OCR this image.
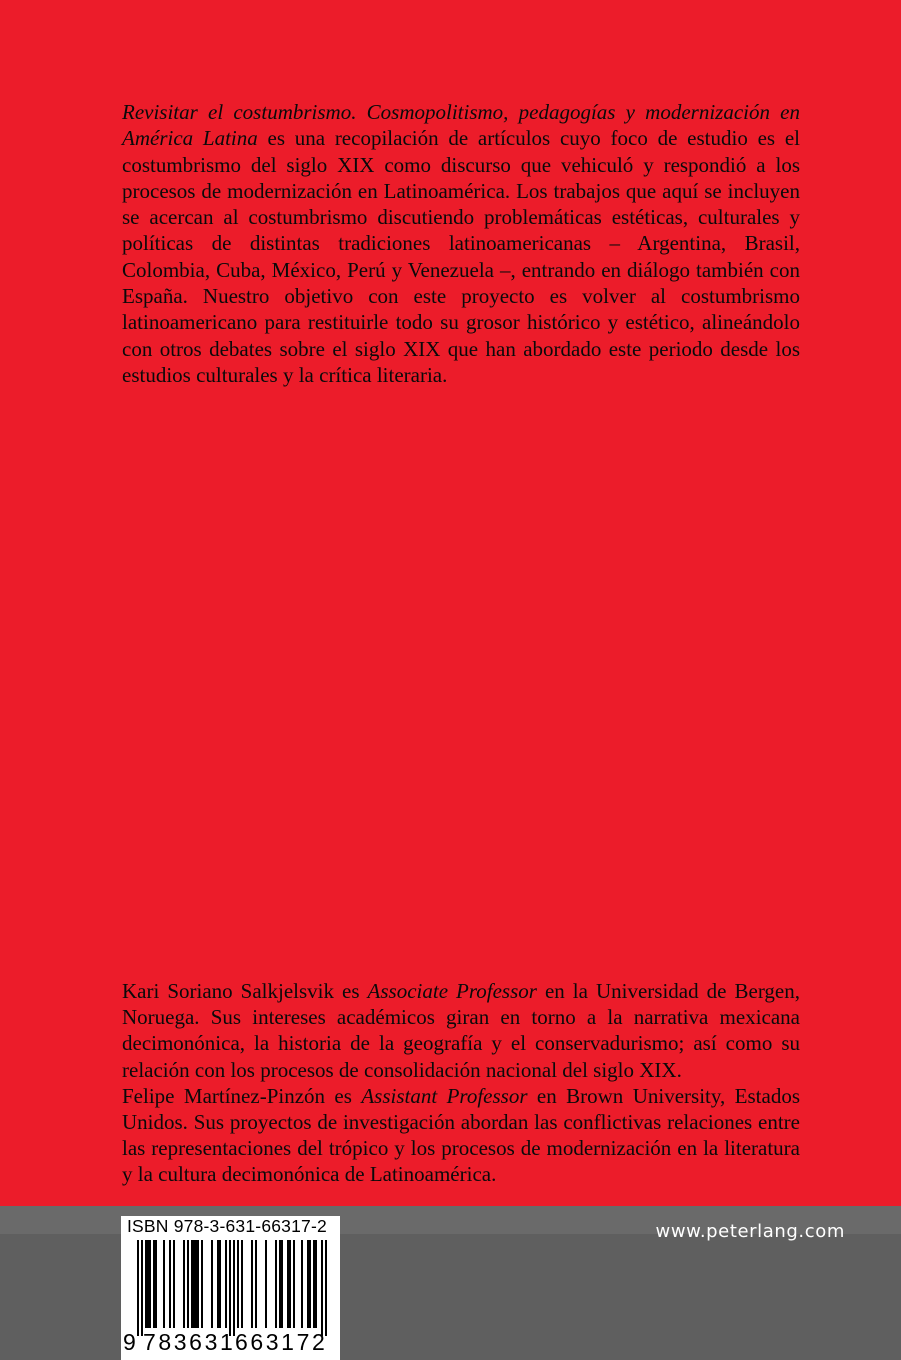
Revisitar el costumbrismo. Cosmopolitismo, pedagogías y modernización en América Latina es una recopilación de artículos cuyo foco de estudio es el costumbrismo del siglo XIX como discurso que vehiculó y respondió a los procesos de modernización en Latinoamérica. Los trabajos que aquí se incluyen se acercan al costumbrismo discutiendo problemáticas estéticas, culturales y políticas de distintas tradiciones latinoamericanas – Argentina, Brasil, Colombia, Cuba, México, Perú y Venezuela –, entrando en diálogo también con España. Nuestro objetivo con este proyecto es volver al costumbrismo latinoamericano para restituirle todo su grosor histórico y estético, alineándolo con otros debates sobre el siglo XIX que han abordado este periodo desde los estudios culturales y la crítica literaria.

Kari Soriano Salkjelsvik es Associate Professor en la Universidad de Bergen, Noruega. Sus intereses académicos giran en torno a la narrativa mexicana decimonónica, la historia de la geografía y el conservadurismo; así como su relación con los procesos de consolidación nacional del siglo XIX.

Felipe Martínez-Pinzón es Assistant Professor en Brown University, Estados Unidos. Sus proyectos de investigación abordan las conflictivas relaciones entre las representaciones del trópico y los procesos de modernización en la literatura y la cultura decimonónica de Latinoamérica.

www.peterlang.com
ISBN 978-3-631-66317-2
9 783631 663172
